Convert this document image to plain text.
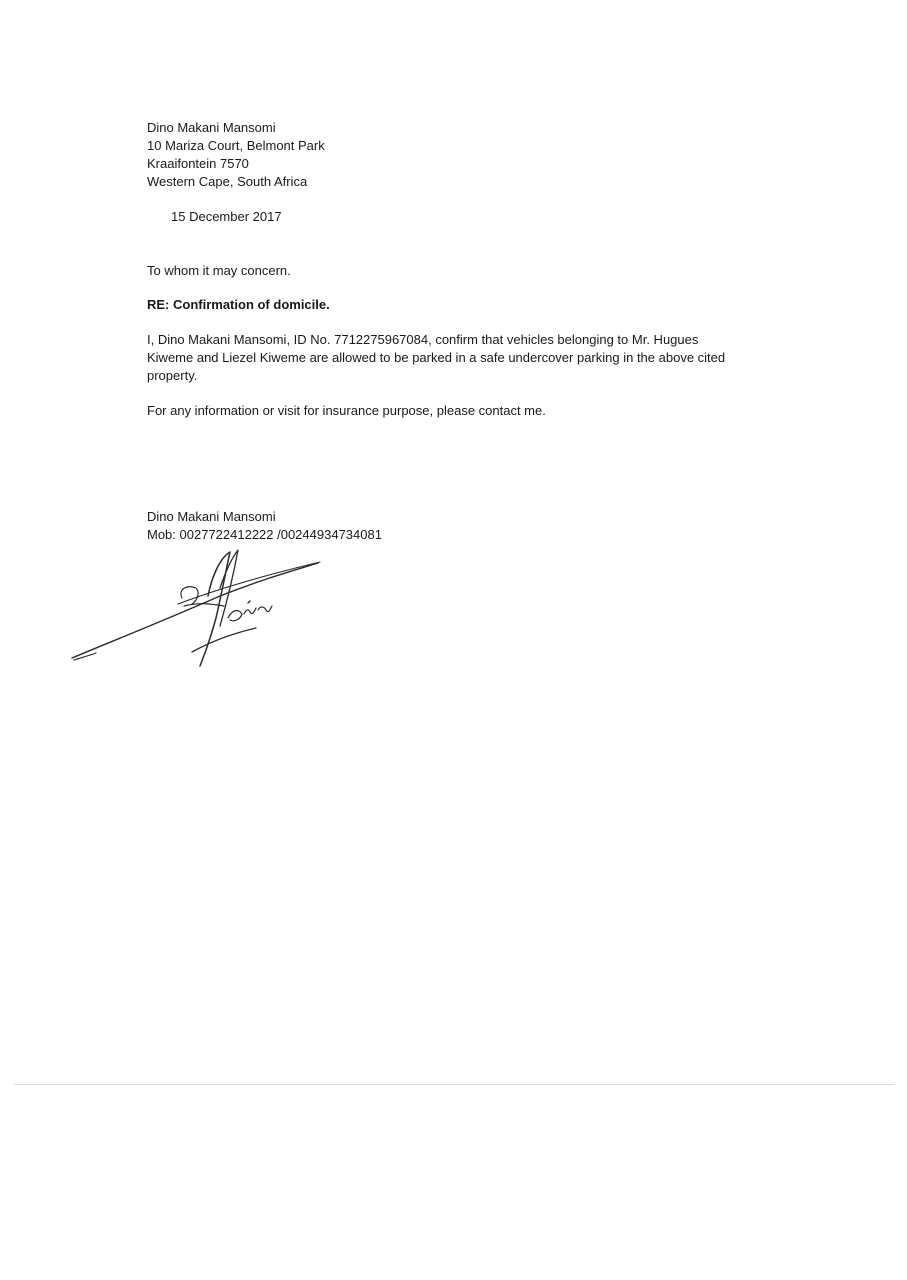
Dino Makani Mansomi
10 Mariza Court, Belmont Park
Kraaifontein 7570
Western Cape, South Africa
15 December 2017
To whom it may concern.
RE: Confirmation of domicile.
I, Dino Makani Mansomi, ID No. 7712275967084, confirm that vehicles belonging to Mr. Hugues
Kiweme and Liezel Kiweme are allowed to be parked in a safe undercover parking in the above cited
property.
For any information or visit for insurance purpose, please contact me.
Dino Makani Mansomi
Mob: 0027722412222 /00244934734081
